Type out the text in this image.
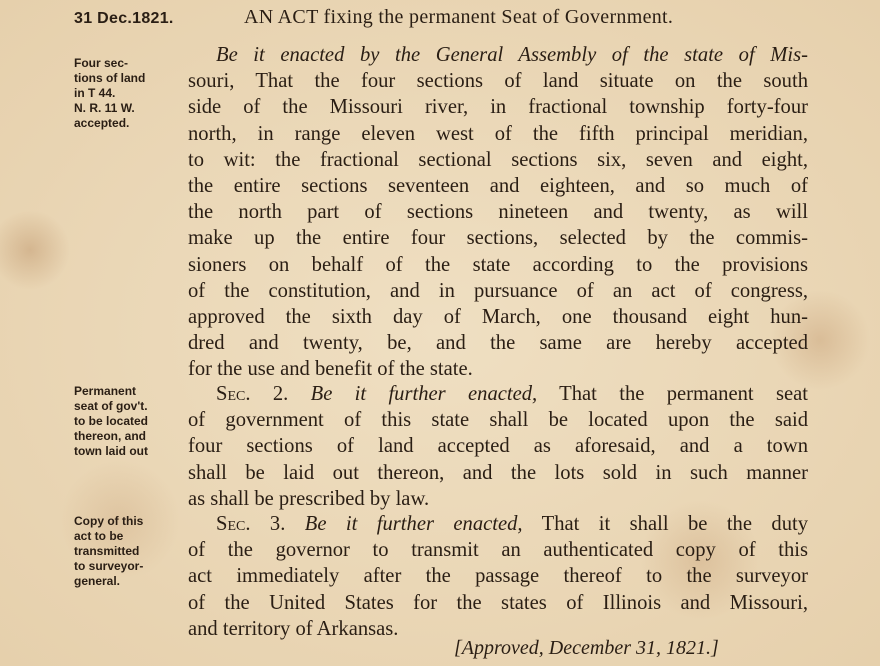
31 Dec.1821.	AN ACT fixing the permanent Seat of Government.
Four sec-
tions of land
in T 44.
N. R. 11 W.
accepted.
Permanent
seat of gov't.
to be located
thereon, and
town laid out
Copy of this
act to be
transmitted
to surveyor-
general.
Be it enacted by the General Assembly of the state of Mis-
souri, That the four sections of land situate on the south
side of the Missouri river, in fractional township forty-four
north, in range eleven west of the fifth principal meridian,
to wit: the fractional sectional sections six, seven and eight,
the entire sections seventeen and eighteen, and so much of
the north part of sections nineteen and twenty, as will
make up the entire four sections, selected by the commis-
sioners on behalf of the state according to the provisions
of the constitution, and in pursuance of an act of congress,
approved the sixth day of March, one thousand eight hun-
dred and twenty, be, and the same are hereby accepted
for the use and benefit of the state.
Sec. 2. Be it further enacted, That the permanent seat
of government of this state shall be located upon the said
four sections of land accepted as aforesaid, and a town
shall be laid out thereon, and the lots sold in such manner
as shall be prescribed by law.
Sec. 3. Be it further enacted, That it shall be the duty
of the governor to transmit an authenticated copy of this
act immediately after the passage thereof to the surveyor
of the United States for the states of Illinois and Missouri,
and territory of Arkansas.
[Approved, December 31, 1821.]
